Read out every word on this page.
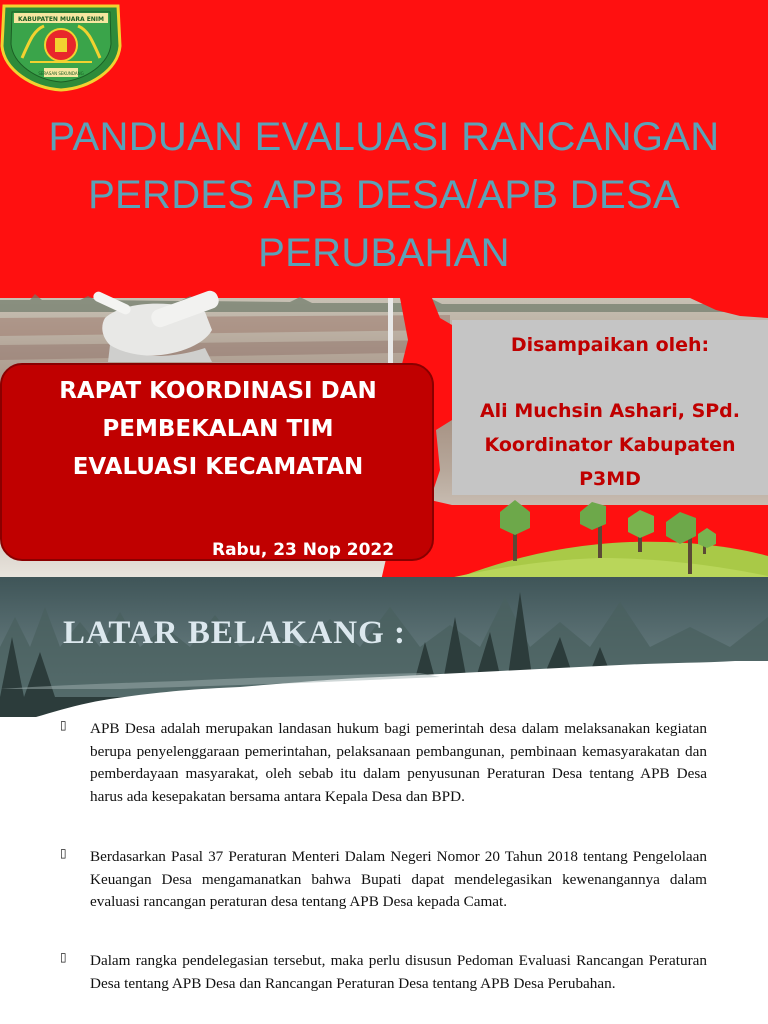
KABUPATEN MUARA ENIM
SERASAN SEKUNDANG
PANDUAN EVALUASI RANCANGAN
PERDES APB DESA/APB DESA
PERUBAHAN
RAPAT KOORDINASI DAN
PEMBEKALAN TIM
EVALUASI KECAMATAN
Rabu, 23 Nop 2022
Disampaikan oleh:
Ali Muchsin Ashari, SPd.
Koordinator Kabupaten
P3MD
LATAR BELAKANG :
▯	APB Desa adalah merupakan landasan hukum bagi pemerintah desa dalam melaksanakan kegiatan berupa penyelenggaraan pemerintahan, pelaksanaan pembangunan, pembinaan kemasyarakatan dan pemberdayaan masyarakat, oleh sebab itu dalam penyusunan Peraturan Desa tentang APB Desa harus ada kesepakatan bersama antara Kepala Desa dan BPD.
▯	Berdasarkan Pasal 37 Peraturan Menteri Dalam Negeri Nomor 20 Tahun 2018 tentang Pengelolaan Keuangan Desa mengamanatkan bahwa Bupati dapat mendelegasikan kewenangannya dalam evaluasi rancangan peraturan desa tentang APB Desa kepada Camat.
▯	Dalam rangka pendelegasian tersebut, maka perlu disusun Pedoman Evaluasi Rancangan Peraturan Desa tentang APB Desa dan Rancangan Peraturan Desa tentang APB Desa Perubahan.
